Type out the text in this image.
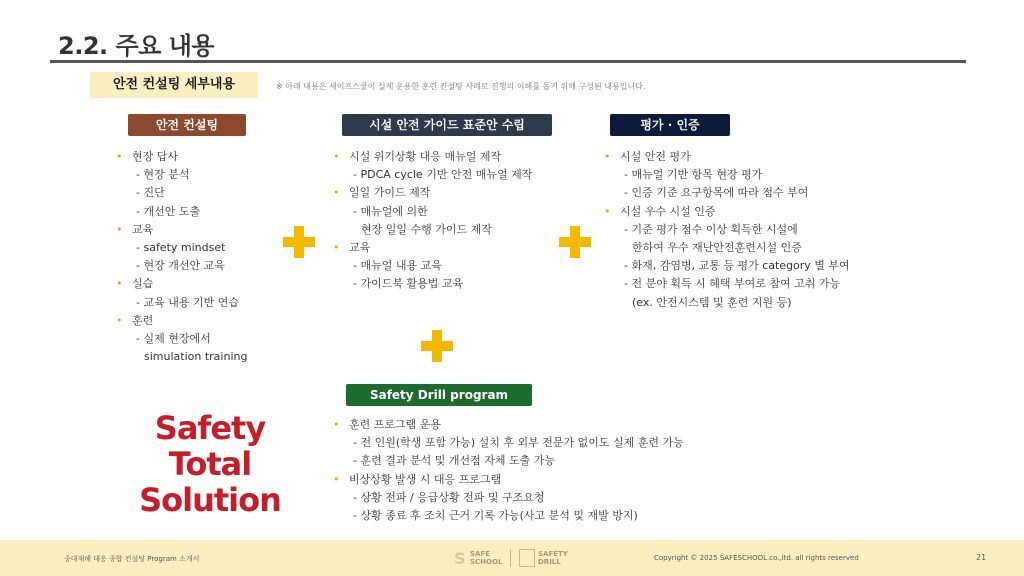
2.2. 주요 내용
안전 컨설팅 세부내용	※ 아래 내용은 세이프스쿨이 실제 운용한 훈련 컨설팅 사례로 진행의 이해를 돕기 위해 구성된 내용입니다.
안전 컨설팅	시설 안전 가이드 표준안 수립	평가 · 인증
Safety Drill program
• 현장 답사
- 현장 분석
- 진단
- 개선안 도출
• 교육
- safety mindset
- 현장 개선안 교육
• 실습
- 교육 내용 기반 연습
• 훈련
- 실제 현장에서
simulation training
• 시설 위기상황 대응 매뉴얼 제작
- PDCA cycle 기반 안전 매뉴얼 제작
• 일일 가이드 제작
- 매뉴얼에 의한
현장 일일 수행 가이드 제작
• 교육
- 매뉴얼 내용 교육
- 가이드북 활용법 교육
• 시설 안전 평가
- 매뉴얼 기반 항목 현장 평가
- 인증 기준 요구항목에 따라 점수 부여
• 시설 우수 시설 인증
- 기준 평가 점수 이상 획득한 시설에
한하여 우수 재난안전훈련시설 인증
- 화재, 감염병, 교통 등 평가 category 별 부여
- 전 분야 획득 시 혜택 부여로 참여 고취 가능
(ex. 안전시스템 및 훈련 지원 등)
• 훈련 프로그램 운용
- 전 인원(학생 포함 가능) 설치 후 외부 전문가 없이도 실제 훈련 가능
- 훈련 결과 분석 및 개선점 자체 도출 가능
• 비상상황 발생 시 대응 프로그램
- 상황 전파 / 응급상황 전파 및 구조요청
- 상황 종료 후 조치 근거 기록 가능(사고 분석 및 재발 방지)
Safety
Total
Solution
중대재해 대응 종합 컨설팅 Program 소개서	S SAFE
SCHOOL
SAFETY
DRILL	Copyright © 2025 SAFESCHOOL.co.,ltd. all rights reserved	21
